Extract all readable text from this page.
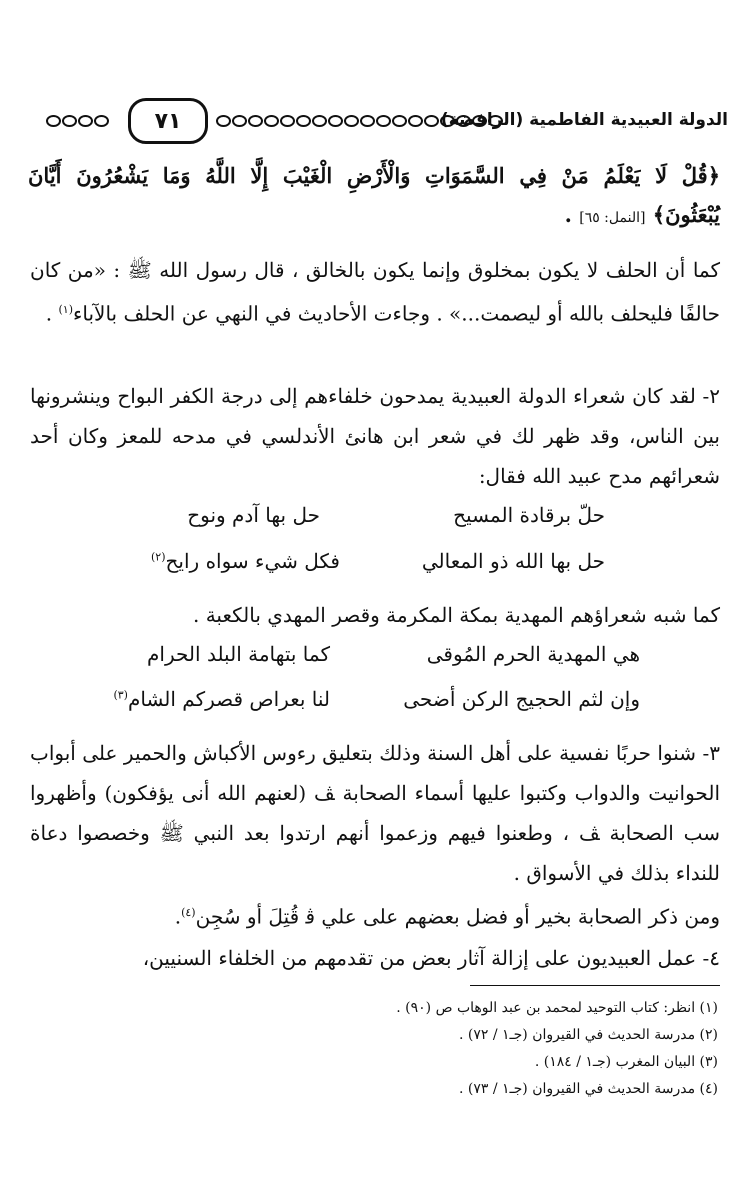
الدولة العبيدية الفاطمية (الرافضة)
٧١
﴿قُلْ لَا يَعْلَمُ مَنْ فِي السَّمَوَاتِ وَالْأَرْضِ الْغَيْبَ إِلَّا اللَّهُ وَمَا يَشْعُرُونَ أَيَّانَ
يُبْعَثُونَ﴾ [النمل: ٦٥] .
كما أن الحلف لا يكون بمخلوق وإنما يكون بالخالق ، قال رسول الله ﷺ : «من كان حالفًا فليحلف بالله أو ليصمت...» . وجاءت الأحاديث في النهي عن الحلف بالآباء$^{(١)}$ .
٢- لقد كان شعراء الدولة العبيدية يمدحون خلفاءهم إلى درجة الكفر البواح وينشرونها بين الناس، وقد ظهر لك في شعر ابن هانئ الأندلسي في مدحه للمعز وكان أحد شعرائهم مدح عبيد الله فقال:
حلّ برقادة المسيح
حل بها آدم ونوح
حل بها الله ذو المعالي
فكل شيء سواه رايح$^{(٢)}$
كما شبه شعراؤهم المهدية بمكة المكرمة وقصر المهدي بالكعبة .
هي المهدية الحرم المُوقى
كما بتهامة البلد الحرام
وإن لثم الحجيج الركن أضحى
لنا بعراص قصركم الشام$^{(٣)}$
٣- شنوا حربًا نفسية على أهل السنة وذلك بتعليق رءوس الأكباش والحمير على أبواب الحوانيت والدواب وكتبوا عليها أسماء الصحابة ﭫ (لعنهم الله أنى يؤفكون) وأظهروا سب الصحابة ﭫ ، وطعنوا فيهم وزعموا أنهم ارتدوا بعد النبي ﷺ وخصصوا دعاة للنداء بذلك في الأسواق .
ومن ذكر الصحابة بخير أو فضل بعضهم على علي ﭬ قُتِلَ أو سُجِن$^{(٤)}$.
٤- عمل العبيديون على إزالة آثار بعض من تقدمهم من الخلفاء السنيين،
(١) انظر: كتاب التوحيد لمحمد بن عبد الوهاب ص (٩٠) .
(٢) مدرسة الحديث في القيروان (جـ١ / ٧٢) .
(٣) البيان المغرب (جـ١ / ١٨٤) .
(٤) مدرسة الحديث في القيروان (جـ١ / ٧٣) .
